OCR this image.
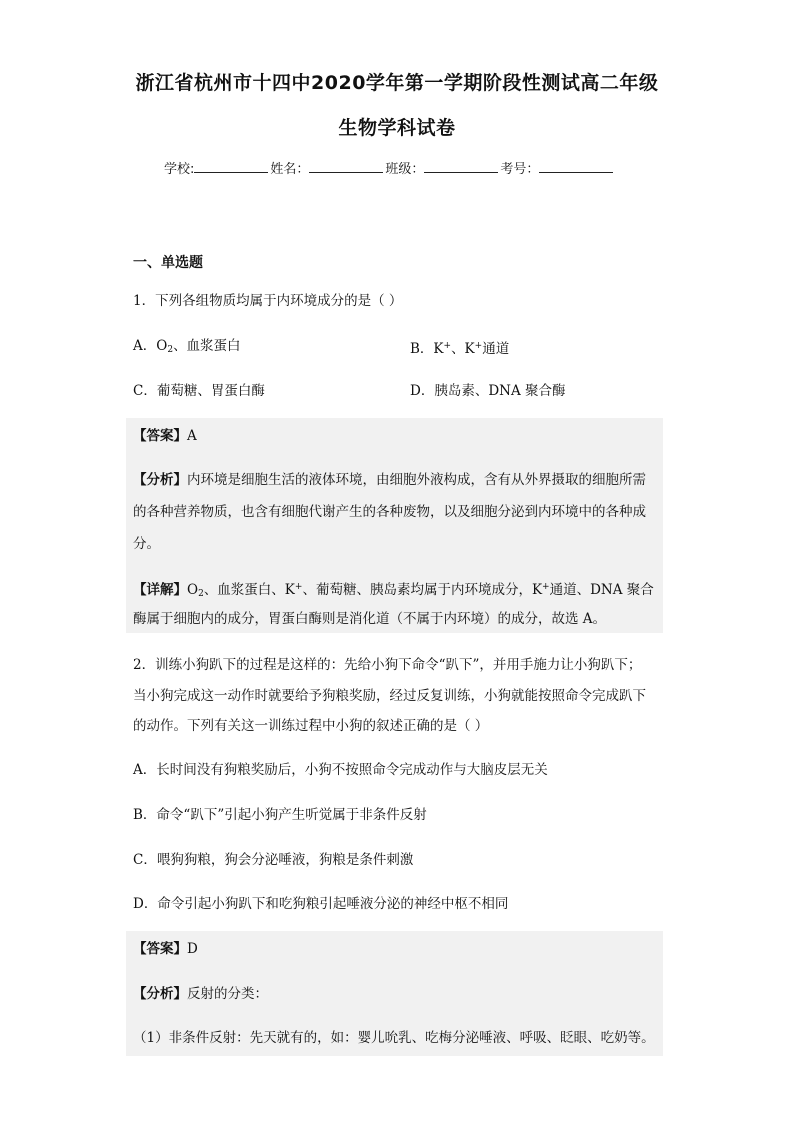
浙江省杭州市十四中2020学年第一学期阶段性测试高二年级
生物学科试卷
学校:	姓名：	班级：	考号：
一、单选题
1．下列各组物质均属于内环境成分的是（ ）
A．$O_2$、血浆蛋白	B．K+、K+通道
C．葡萄糖、胃蛋白酶	D．胰岛素、DNA 聚合酶
【答案】A
【分析】内环境是细胞生活的液体环境，由细胞外液构成，含有从外界摄取的细胞所需
的各种营养物质，也含有细胞代谢产生的各种废物，以及细胞分泌到内环境中的各种成
分。
【详解】$O_2$、血浆蛋白、K+、葡萄糖、胰岛素均属于内环境成分，K+通道、DNA 聚合
酶属于细胞内的成分，胃蛋白酶则是消化道（不属于内环境）的成分，故选 A。
2．训练小狗趴下的过程是这样的：先给小狗下命令“趴下”，并用手施力让小狗趴下；
当小狗完成这一动作时就要给予狗粮奖励，经过反复训练，小狗就能按照命令完成趴下
的动作。下列有关这一训练过程中小狗的叙述正确的是（ ）
A．长时间没有狗粮奖励后，小狗不按照命令完成动作与大脑皮层无关
B．命令“趴下”引起小狗产生听觉属于非条件反射
C．喂狗狗粮，狗会分泌唾液，狗粮是条件刺激
D．命令引起小狗趴下和吃狗粮引起唾液分泌的神经中枢不相同
【答案】D
【分析】反射的分类：
（1）非条件反射：先天就有的，如：婴儿吮乳、吃梅分泌唾液、呼吸、眨眼、吃奶等。
